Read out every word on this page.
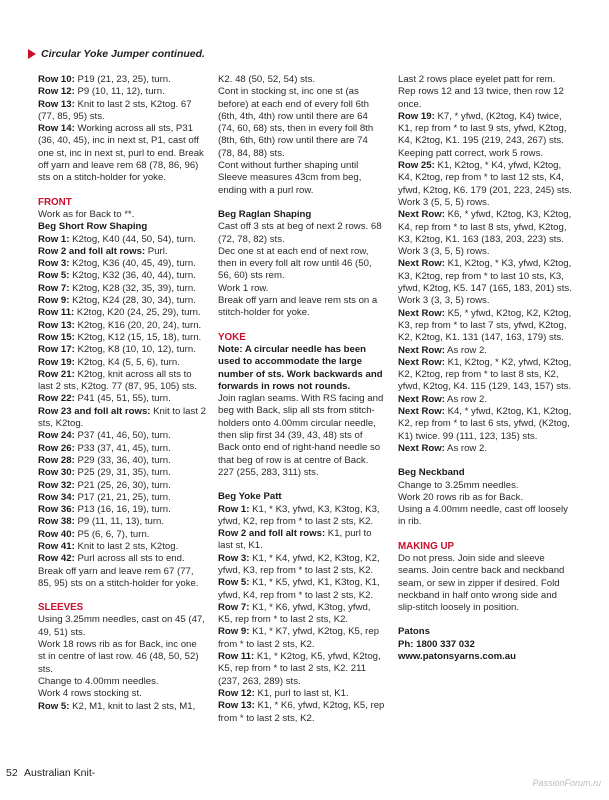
Circular Yoke Jumper continued.

Row 10: P19 (21, 23, 25), turn.

Row 12: P9 (10, 11, 12), turn.

Row 13: Knit to last 2 sts, K2tog. 67 (77, 85, 95) sts.

Row 14: Working across all sts, P31 (36, 40, 45), inc in next st, P1, cast off one st, inc in next st, purl to end. Break off yarn and leave rem 68 (78, 86, 96) sts on a stitch-holder for yoke.

FRONT

Work as for Back to **.

Beg Short Row Shaping

Row 1: K2tog, K40 (44, 50, 54), turn.

Row 2 and foll alt rows: Purl.

Row 3: K2tog, K36 (40, 45, 49), turn.

Row 5: K2tog, K32 (36, 40, 44), turn.

Row 7: K2tog, K28 (32, 35, 39), turn.

Row 9: K2tog, K24 (28, 30, 34), turn.

Row 11: K2tog, K20 (24, 25, 29), turn.

Row 13: K2tog, K16 (20, 20, 24), turn.

Row 15: K2tog, K12 (15, 15, 18), turn.

Row 17: K2tog, K8 (10, 10, 12), turn.

Row 19: K2tog, K4 (5, 5, 6), turn.

Row 21: K2tog, knit across all sts to last 2 sts, K2tog. 77 (87, 95, 105) sts.

Row 22: P41 (45, 51, 55), turn.

Row 23 and foll alt rows: Knit to last 2 sts, K2tog.

Row 24: P37 (41, 46, 50), turn.

Row 26: P33 (37, 41, 45), turn.

Row 28: P29 (33, 36, 40), turn.

Row 30: P25 (29, 31, 35), turn.

Row 32: P21 (25, 26, 30), turn.

Row 34: P17 (21, 21, 25), turn.

Row 36: P13 (16, 16, 19), turn.

Row 38: P9 (11, 11, 13), turn.

Row 40: P5 (6, 6, 7), turn.

Row 41: Knit to last 2 sts, K2tog.

Row 42: Purl across all sts to end. Break off yarn and leave rem 67 (77, 85, 95) sts on a stitch-holder for yoke.

SLEEVES

Using 3.25mm needles, cast on 45 (47, 49, 51) sts.

Work 18 rows rib as for Back, inc one st in centre of last row. 46 (48, 50, 52) sts.

Change to 4.00mm needles.

Work 4 rows stocking st.

Row 5: K2, M1, knit to last 2 sts, M1,

K2. 48 (50, 52, 54) sts.

Cont in stocking st, inc one st (as before) at each end of every foll 6th (6th, 4th, 4th) row until there are 64 (74, 60, 68) sts, then in every foll 8th (8th, 6th, 6th) row until there are 74 (78, 84, 88) sts.

Cont without further shaping until Sleeve measures 43cm from beg, ending with a purl row.

Beg Raglan Shaping

Cast off 3 sts at beg of next 2 rows. 68 (72, 78, 82) sts.

Dec one st at each end of next row, then in every foll alt row until 46 (50, 56, 60) sts rem.

Work 1 row.

Break off yarn and leave rem sts on a stitch-holder for yoke.

YOKE

Note: A circular needle has been used to accommodate the large number of sts. Work backwards and forwards in rows not rounds.

Join raglan seams. With RS facing and beg with Back, slip all sts from stitch-holders onto 4.00mm circular needle, then slip first 34 (39, 43, 48) sts of Back onto end of right-hand needle so that beg of row is at centre of Back. 227 (255, 283, 311) sts.

Beg Yoke Patt

Row 1: K1, * K3, yfwd, K3, K3tog, K3, yfwd, K2, rep from * to last 2 sts, K2.

Row 2 and foll alt rows: K1, purl to last st, K1.

Row 3: K1, * K4, yfwd, K2, K3tog, K2, yfwd, K3, rep from * to last 2 sts, K2.

Row 5: K1, * K5, yfwd, K1, K3tog, K1, yfwd, K4, rep from * to last 2 sts, K2.

Row 7: K1, * K6, yfwd, K3tog, yfwd, K5, rep from * to last 2 sts, K2.

Row 9: K1, * K7, yfwd, K2tog, K5, rep from * to last 2 sts, K2.

Row 11: K1, * K2tog, K5, yfwd, K2tog, K5, rep from * to last 2 sts, K2. 211 (237, 263, 289) sts.

Row 12: K1, purl to last st, K1.

Row 13: K1, * K6, yfwd, K2tog, K5, rep from * to last 2 sts, K2.

Last 2 rows place eyelet patt for rem. Rep rows 12 and 13 twice, then row 12 once.

Row 19: K7, * yfwd, (K2tog, K4) twice, K1, rep from * to last 9 sts, yfwd, K2tog, K4, K2tog, K1. 195 (219, 243, 267) sts.

Keeping patt correct, work 5 rows.

Row 25: K1, K2tog, * K4, yfwd, K2tog, K4, K2tog, rep from * to last 12 sts, K4, yfwd, K2tog, K6. 179 (201, 223, 245) sts.

Work 3 (5, 5, 5) rows.

Next Row: K6, * yfwd, K2tog, K3, K2tog, K4, rep from * to last 8 sts, yfwd, K2tog, K3, K2tog, K1. 163 (183, 203, 223) sts.

Work 3 (3, 5, 5) rows.

Next Row: K1, K2tog, * K3, yfwd, K2tog, K3, K2tog, rep from * to last 10 sts, K3, yfwd, K2tog, K5. 147 (165, 183, 201) sts.

Work 3 (3, 3, 5) rows.

Next Row: K5, * yfwd, K2tog, K2, K2tog, K3, rep from * to last 7 sts, yfwd, K2tog, K2, K2tog, K1. 131 (147, 163, 179) sts.

Next Row: As row 2.

Next Row: K1, K2tog, * K2, yfwd, K2tog, K2, K2tog, rep from * to last 8 sts, K2, yfwd, K2tog, K4. 115 (129, 143, 157) sts.

Next Row: As row 2.

Next Row: K4, * yfwd, K2tog, K1, K2tog, K2, rep from * to last 6 sts, yfwd, (K2tog, K1) twice. 99 (111, 123, 135) sts.

Next Row: As row 2.

Beg Neckband

Change to 3.25mm needles.

Work 20 rows rib as for Back.

Using a 4.00mm needle, cast off loosely in rib.

MAKING UP

Do not press. Join side and sleeve seams. Join centre back and neckband seam, or sew in zipper if desired. Fold neckband in half onto wrong side and slip-stitch loosely in position.

Patons

Ph: 1800 337 032

www.patonsyarns.com.au

52 Australian Knit-
PassionForum.ru
